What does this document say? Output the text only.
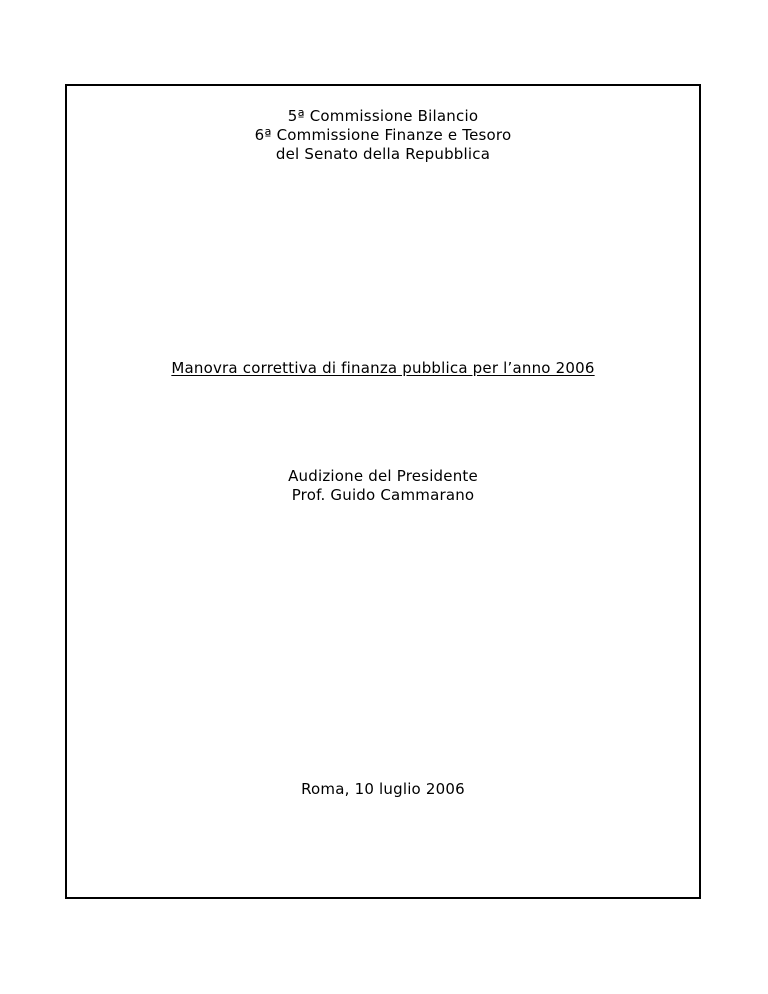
5ª Commissione Bilancio
6ª Commissione Finanze e Tesoro
del Senato della Repubblica
Manovra correttiva di finanza pubblica per l’anno 2006
Audizione del Presidente
Prof. Guido Cammarano
Roma, 10 luglio 2006
